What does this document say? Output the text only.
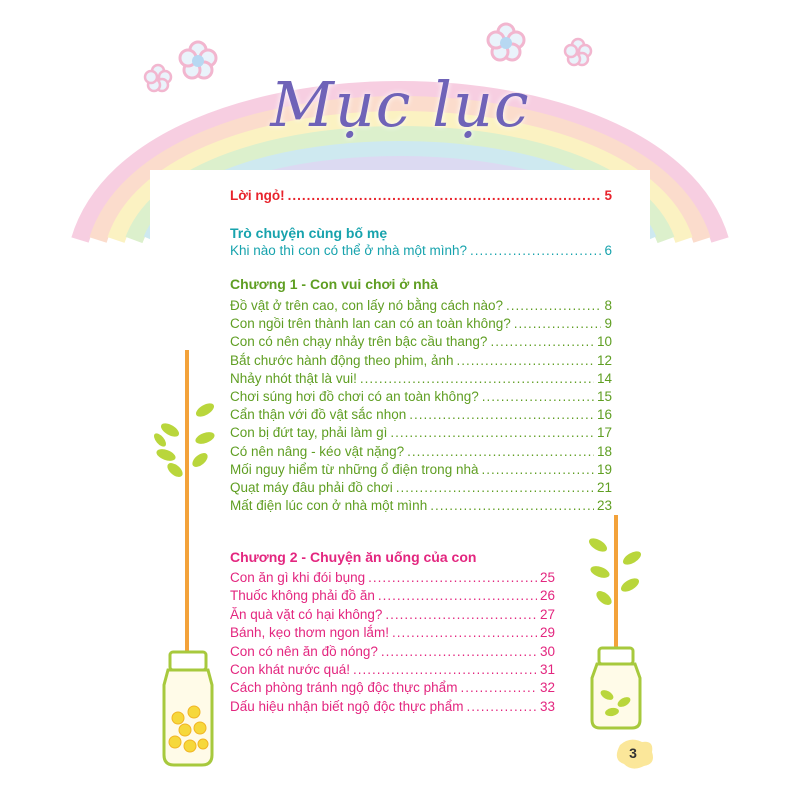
Mục lục
Lời ngỏ! .....	5
Trò chuyện cùng bố mẹ
Khi nào thì con có thể ở nhà một mình? .....	6
Chương 1 - Con vui chơi ở nhà
Đồ vật ở trên cao, con lấy nó bằng cách nào? .....	8
Con ngồi trên thành lan can có an toàn không? .....	9
Con có nên chạy nhảy trên bậc cầu thang? .....	10
Bắt chước hành động theo phim, ảnh .....	12
Nhảy nhót thật là vui! .....	14
Chơi súng hơi đồ chơi có an toàn không? .....	15
Cẩn thận với đồ vật sắc nhọn .....	16
Con bị đứt tay, phải làm gì .....	17
Có nên nâng - kéo vật nặng? .....	18
Mối nguy hiểm từ những ổ điện trong nhà .....	19
Quạt máy đâu phải đồ chơi .....	21
Mất điện lúc con ở nhà một mình .....	23
Chương 2 - Chuyện ăn uống của con
Con ăn gì khi đói bụng .....	25
Thuốc không phải đồ ăn .....	26
Ăn quà vặt có hại không? .....	27
Bánh, kẹo thơm ngon lắm! .....	29
Con có nên ăn đồ nóng? .....	30
Con khát nước quá! .....	31
Cách phòng tránh ngộ độc thực phẩm .....	32
Dấu hiệu nhận biết ngộ độc thực phẩm .....	33
3
